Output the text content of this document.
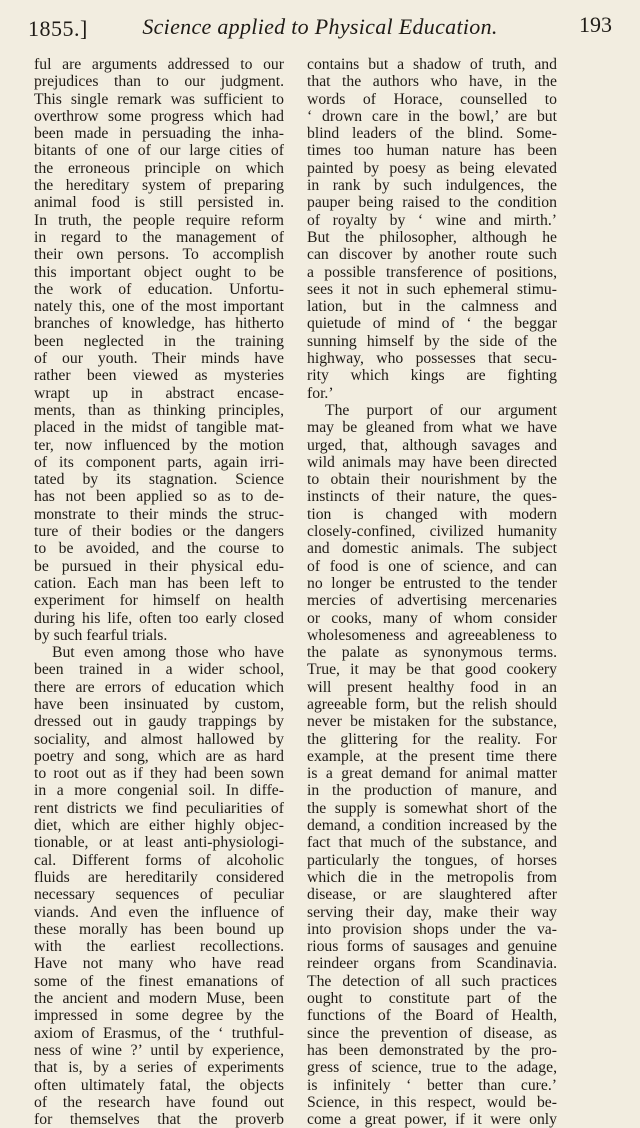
Science applied to Physical Education.
1855.]	193
ful are arguments addressed to our
prejudices than to our judgment.
This single remark was sufficient to
overthrow some progress which had
been made in persuading the inha-
bitants of one of our large cities of
the erroneous principle on which
the hereditary system of preparing
animal food is still persisted in.
In truth, the people require reform
in regard to the management of
their own persons. To accomplish
this important object ought to be
the work of education. Unfortu-
nately this, one of the most important
branches of knowledge, has hitherto
been neglected in the training
of our youth. Their minds have
rather been viewed as mysteries
wrapt up in abstract encase-
ments, than as thinking principles,
placed in the midst of tangible mat-
ter, now influenced by the motion
of its component parts, again irri-
tated by its stagnation. Science
has not been applied so as to de-
monstrate to their minds the struc-
ture of their bodies or the dangers
to be avoided, and the course to
be pursued in their physical edu-
cation. Each man has been left to
experiment for himself on health
during his life, often too early closed
by such fearful trials.
But even among those who have
been trained in a wider school,
there are errors of education which
have been insinuated by custom,
dressed out in gaudy trappings by
sociality, and almost hallowed by
poetry and song, which are as hard
to root out as if they had been sown
in a more congenial soil. In diffe-
rent districts we find peculiarities of
diet, which are either highly objec-
tionable, or at least anti-physiologi-
cal. Different forms of alcoholic
fluids are hereditarily considered
necessary sequences of peculiar
viands. And even the influence of
these morally has been bound up
with the earliest recollections.
Have not many who have read
some of the finest emanations of
the ancient and modern Muse, been
impressed in some degree by the
axiom of Erasmus, of the ‘ truthful-
ness of wine ?’ until by experience,
that is, by a series of experiments
often ultimately fatal, the objects
of the research have found out
for themselves that the proverb
contains but a shadow of truth, and
that the authors who have, in the
words of Horace, counselled to
‘ drown care in the bowl,’ are but
blind leaders of the blind. Some-
times too human nature has been
painted by poesy as being elevated
in rank by such indulgences, the
pauper being raised to the condition
of royalty by ‘ wine and mirth.’
But the philosopher, although he
can discover by another route such
a possible transference of positions,
sees it not in such ephemeral stimu-
lation, but in the calmness and
quietude of mind of ‘ the beggar
sunning himself by the side of the
highway, who possesses that secu-
rity which kings are fighting
for.’
The purport of our argument
may be gleaned from what we have
urged, that, although savages and
wild animals may have been directed
to obtain their nourishment by the
instincts of their nature, the ques-
tion is changed with modern
closely-confined, civilized humanity
and domestic animals. The subject
of food is one of science, and can
no longer be entrusted to the tender
mercies of advertising mercenaries
or cooks, many of whom consider
wholesomeness and agreeableness to
the palate as synonymous terms.
True, it may be that good cookery
will present healthy food in an
agreeable form, but the relish should
never be mistaken for the substance,
the glittering for the reality. For
example, at the present time there
is a great demand for animal matter
in the production of manure, and
the supply is somewhat short of the
demand, a condition increased by the
fact that much of the substance, and
particularly the tongues, of horses
which die in the metropolis from
disease, or are slaughtered after
serving their day, make their way
into provision shops under the va-
rious forms of sausages and genuine
reindeer organs from Scandinavia.
The detection of all such practices
ought to constitute part of the
functions of the Board of Health,
since the prevention of disease, as
has been demonstrated by the pro-
gress of science, true to the adage,
is infinitely ‘ better than cure.’
Science, in this respect, would be-
come a great power, if it were only
